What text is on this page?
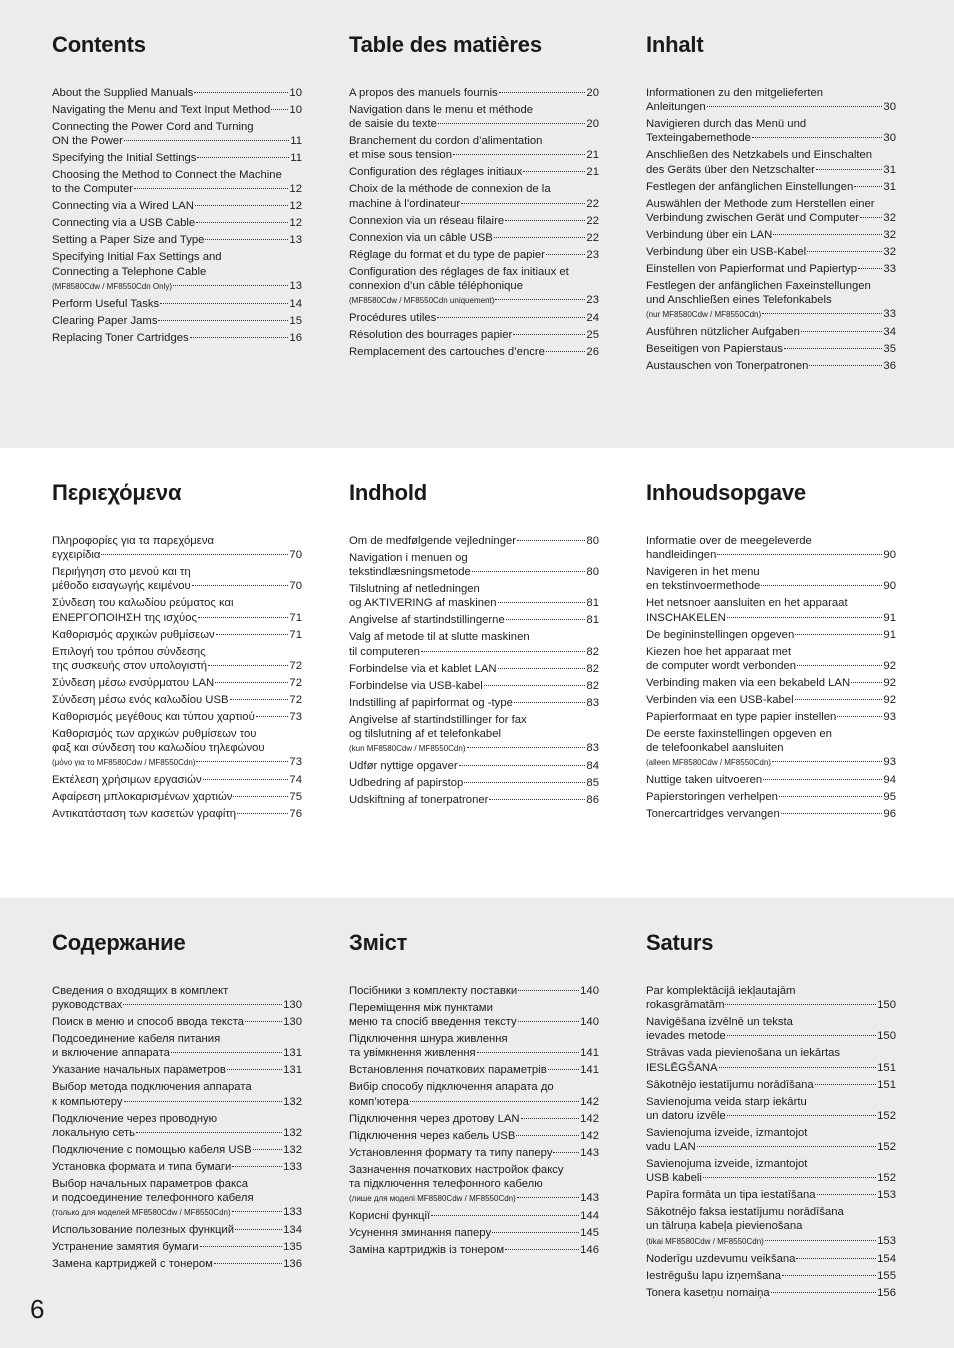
Contents
About the Supplied Manuals	10
Navigating the Menu and Text Input Method 10
Connecting the Power Cord and Turning
ON the Power	11
Specifying the Initial Settings	11
Choosing the Method to Connect the Machine
to the Computer	12
Connecting via a Wired LAN	12
Connecting via a USB Cable	12
Setting a Paper Size and Type	13
Specifying Initial Fax Settings and
Connecting a Telephone Cable
(MF8580Cdw / MF8550Cdn Only)	13
Perform Useful Tasks	14
Clearing Paper Jams	15
Replacing Toner Cartridges	16
Table des matières
A propos des manuels fournis	20
Navigation dans le menu et méthode
de saisie du texte	20
Branchement du cordon d’alimentation
et mise sous tension	21
Configuration des réglages initiaux	21
Choix de la méthode de connexion de la
machine à l’ordinateur	22
Connexion via un réseau filaire	22
Connexion via un câble USB	22
Réglage du format et du type de papier	23
Configuration des réglages de fax initiaux et
connexion d’un câble téléphonique
(MF8580Cdw / MF8550Cdn uniquement)	23
Procédures utiles	24
Résolution des bourrages papier	25
Remplacement des cartouches d’encre	26
Inhalt
Informationen zu den mitgelieferten
Anleitungen	30
Navigieren durch das Menü und
Texteingabemethode	30
Anschließen des Netzkabels und Einschalten
des Geräts über den Netzschalter	31
Festlegen der anfänglichen Einstellungen	31
Auswählen der Methode zum Herstellen einer
Verbindung zwischen Gerät und Computer 32
Verbindung über ein LAN	32
Verbindung über ein USB-Kabel	32
Einstellen von Papierformat und Papiertyp 33
Festlegen der anfänglichen Faxeinstellungen
und Anschließen eines Telefonkabels
(nur MF8580Cdw / MF8550Cdn)	33
Ausführen nützlicher Aufgaben	34
Beseitigen von Papierstaus	35
Austauschen von Tonerpatronen	36
Περιεχόμενα
Πληροφορίες για τα παρεχόμενα
εγχειρίδια	70
Περιήγηση στο μενού και τη
μέθοδο εισαγωγής κειμένου	70
Σύνδεση του καλωδίου ρεύματος και
ΕΝΕΡΓΟΠΟΙΗΣΗ της ισχύος	71
Καθορισμός αρχικών ρυθμίσεων	71
Επιλογή του τρόπου σύνδεσης
της συσκευής στον υπολογιστή	72
Σύνδεση μέσω ενσύρματου LAN	72
Σύνδεση μέσω ενός καλωδίου USB	72
Καθορισμός μεγέθους και τύπου χαρτιού	73
Καθορισμός των αρχικών ρυθμίσεων του
φαξ και σύνδεση του καλωδίου τηλεφώνου
(μόνο για το MF8580Cdw / MF8550Cdn)	73
Εκτέλεση χρήσιμων εργασιών	74
Αφαίρεση μπλοκαρισμένων χαρτιών	75
Αντικατάσταση των κασετών γραφίτη	76
Indhold
Om de medfølgende vejledninger	80
Navigation i menuen og
tekstindlæsningsmetode	80
Tilslutning af netledningen
og AKTIVERING af maskinen	81
Angivelse af startindstillingerne	81
Valg af metode til at slutte maskinen
til computeren	82
Forbindelse via et kablet LAN	82
Forbindelse via USB-kabel	82
Indstilling af papirformat og -type	83
Angivelse af startindstillinger for fax
og tilslutning af et telefonkabel
(kun MF8580Cdw / MF8550Cdn)	83
Udfør nyttige opgaver	84
Udbedring af papirstop	85
Udskiftning af tonerpatroner	86
Inhoudsopgave
Informatie over de meegeleverde
handleidingen	90
Navigeren in het menu
en tekstinvoermethode	90
Het netsnoer aansluiten en het apparaat
INSCHAKELEN	91
De begininstellingen opgeven	91
Kiezen hoe het apparaat met
de computer wordt verbonden	92
Verbinding maken via een bekabeld LAN	92
Verbinden via een USB-kabel	92
Papierformaat en type papier instellen	93
De eerste faxinstellingen opgeven en
de telefoonkabel aansluiten
(alleen MF8580Cdw / MF8550Cdn)	93
Nuttige taken uitvoeren	94
Papierstoringen verhelpen	95
Tonercartridges vervangen	96
Содержание
Сведения о входящих в комплект
руководствах	130
Поиск в меню и способ ввода текста	130
Подсоединение кабеля питания
и включение аппарата	131
Указание начальных параметров	131
Выбор метода подключения аппарата
к компьютеру	132
Подключение через проводную
локальную сеть	132
Подключение с помощью кабеля USB	132
Установка формата и типа бумаги	133
Выбор начальных параметров факса
и подсоединение телефонного кабеля
(только для моделей MF8580Cdw / MF8550Cdn)	133
Использование полезных функций	134
Устранение замятия бумаги	135
Замена картриджей с тонером	136
Зміст
Посібники з комплекту поставки	140
Переміщення між пунктами
меню та спосіб введення тексту	140
Підключення шнура живлення
та увімкнення живлення	141
Встановлення початкових параметрів	141
Вибір способу підключення апарата до
комп’ютера	142
Підключення через дротову LAN	142
Підключення через кабель USB	142
Установлення формату та типу паперу 143
Зазначення початкових настройок факсу
та підключення телефонного кабелю
(лише для моделі MF8580Cdw / MF8550Cdn)	143
Корисні функції	144
Усунення зминання паперу	145
Заміна картриджів із тонером	146
Saturs
Par komplektācijā iekļautajām
rokasgrāmatām	150
Navigēšana izvēlnē un teksta
ievades metode	150
Strāvas vada pievienošana un iekārtas
IESLĒGŠANA	151
Sākotnējo iestatījumu norādīšana	151
Savienojuma veida starp iekārtu
un datoru izvēle	152
Savienojuma izveide, izmantojot
vadu LAN	152
Savienojuma izveide, izmantojot
USB kabeli	152
Papīra formāta un tipa iestatīšana	153
Sākotnējo faksa iestatījumu norādīšana
un tālruņa kabeļa pievienošana
(tikai MF8580Cdw / MF8550Cdn)	153
Noderīgu uzdevumu veikšana	154
Iestrēgušu lapu izņemšana	155
Tonera kasetņu nomaiņa	156
6
